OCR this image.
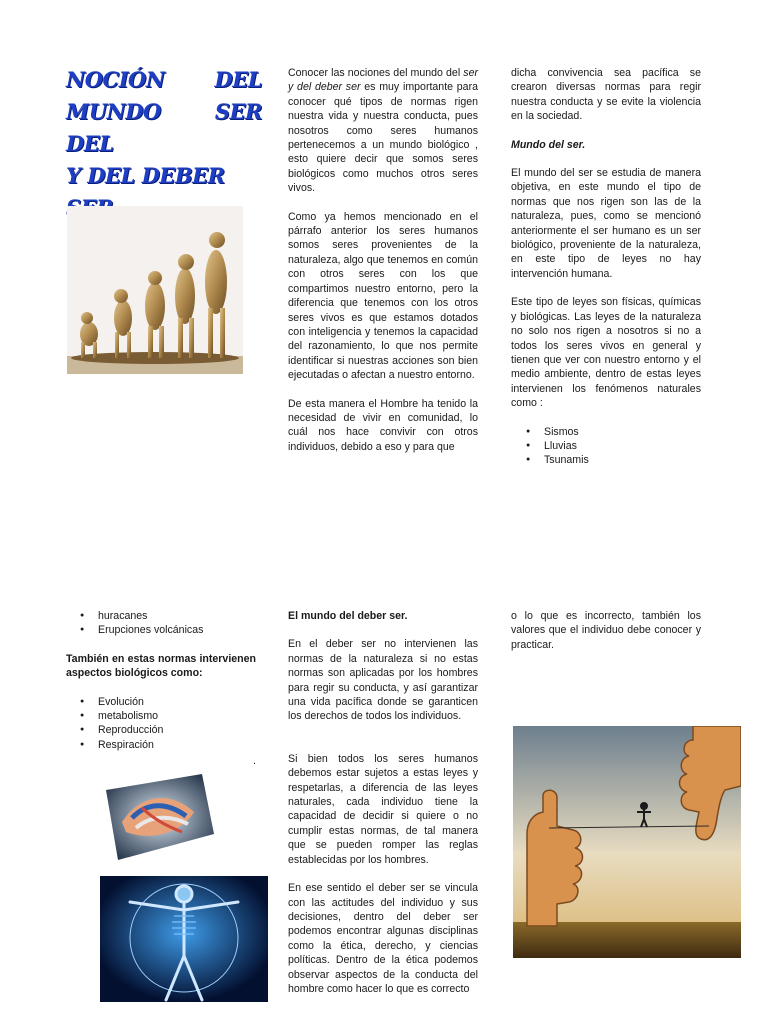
NOCIÓN DEL
MUNDO DEL
SER
Y DEL DEBER

Conocer las nociones del mundo del ser y del deber ser es muy importante para conocer qué tipos de normas rigen nuestra vida y nuestra conducta, pues nosotros como seres humanos pertenecemos a un mundo biológico , esto quiere decir que somos seres biológicos como muchos otros seres vivos.

Como ya hemos mencionado en el párrafo anterior los seres humanos somos seres provenientes de la naturaleza, algo que tenemos en común con otros seres con los que compartimos nuestro entorno, pero la diferencia que tenemos con los otros seres vivos es que estamos dotados con inteligencia y tenemos la capacidad del razonamiento, lo que nos permite identificar si nuestras acciones son bien ejecutadas o afectan a nuestro entorno.

De esta manera el Hombre ha tenido la necesidad de vivir en comunidad, lo cuál nos hace convivir con otros individuos, debido a eso y para que

dicha convivencia sea pacífica se crearon diversas normas para regir nuestra conducta y se evite la violencia en la sociedad.

Mundo del ser.

El mundo del ser se estudia de manera objetiva, en este mundo el tipo de normas que nos rigen son las de la naturaleza, pues, como se mencionó anteriormente el ser humano es un ser biológico, proveniente de la naturaleza, en este tipo de leyes no hay intervención humana.

Este tipo de leyes son físicas, químicas y biológicas. Las leyes de la naturaleza no solo nos rigen a nosotros si no a todos los seres vivos en general y tienen que ver con nuestro entorno y el medio ambiente, dentro de estas leyes intervienen los fenómenos naturales como :

● Sismos
● Lluvias
● Tsunamis
● huracanes
● Erupciones volcánicas

También en estas normas intervienen aspectos biológicos como:

● Evolución
● metabolismo
● Reproducción
● Respiración
.

El mundo del deber ser.

En el deber ser no intervienen las normas de la naturaleza si no estas normas son aplicadas por los hombres para regir su conducta, y así garantizar una vida pacífica donde se garanticen los derechos de todos los individuos.

Si bien todos los seres humanos debemos estar sujetos a estas leyes y respetarlas, a diferencia de las leyes naturales, cada individuo tiene la capacidad de decidir si quiere o no cumplir estas normas, de tal manera que se pueden romper las reglas establecidas por los hombres.

En ese sentido el deber ser se vincula con las actitudes del individuo y sus decisiones, dentro del deber ser podemos encontrar algunas disciplinas como la ética, derecho, y ciencias políticas. Dentro de la ética podemos observar aspectos de la conducta del hombre como hacer lo que es correcto

o lo que es incorrecto, también los valores que el individuo debe conocer y practicar.
